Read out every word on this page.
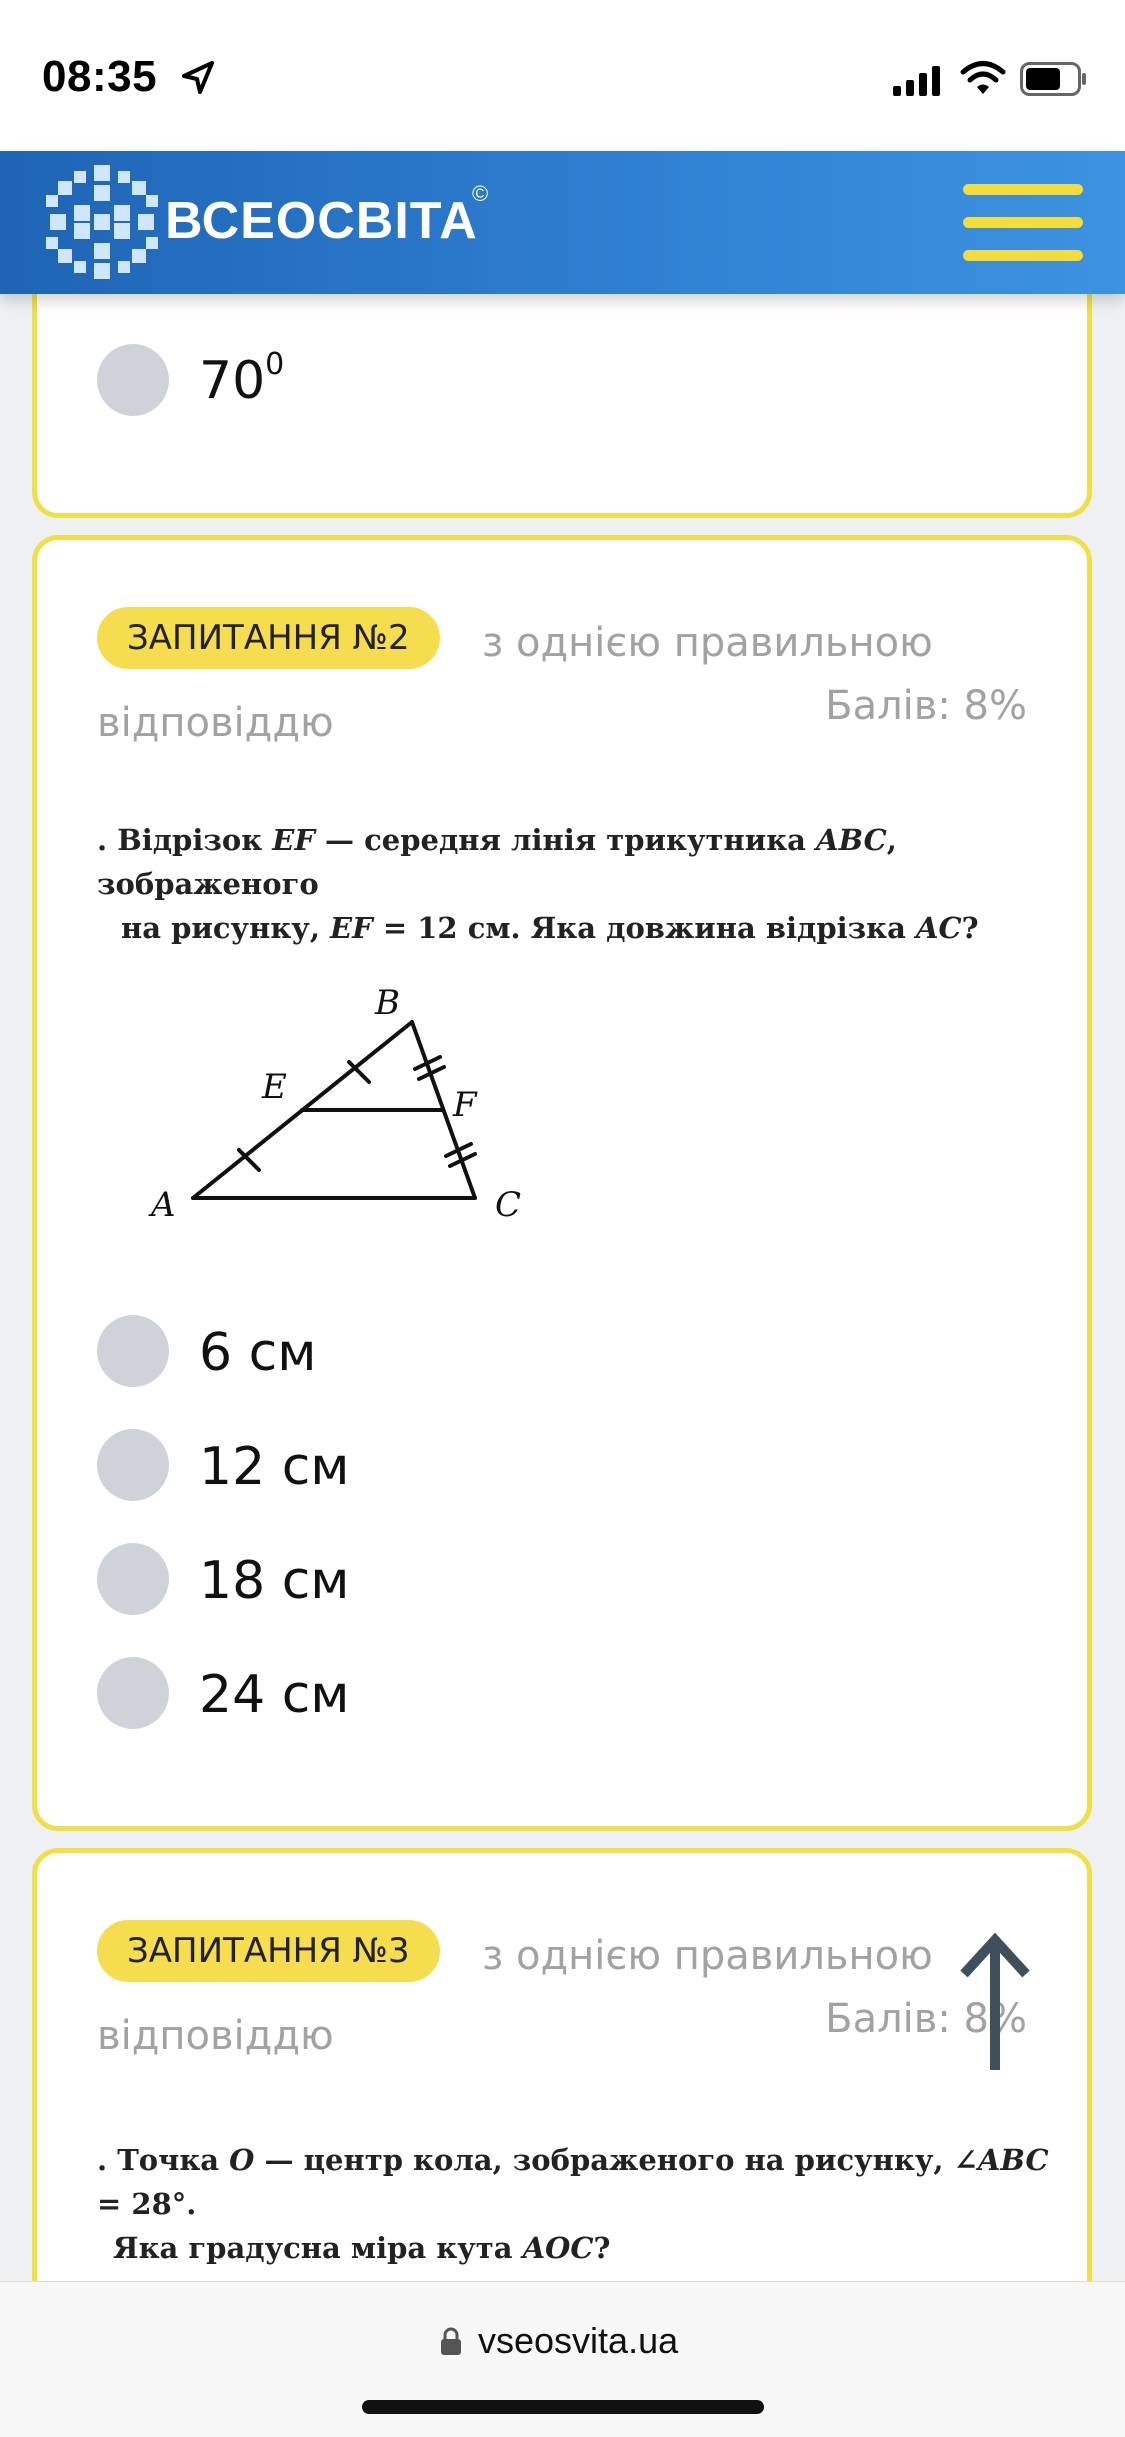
08:35
$70^0$
ЗАПИТАННЯ №2	з однією правильною
відповіддю	Балів: 8%
. Відрізок EF — середня лінія трикутника ABC, зображеного
на рисунку, EF = 12 см. Яка довжина відрізка AC?
B
E	F
A	C
6 см
12 см
18 см
24 см
ЗАПИТАННЯ №3	з однією правильною
відповіддю	Балів: 8%
. Точка O — центр кола, зображеного на рисунку, ∠ABC = 28°.
Яка градусна міра кута AOC?
ВСЕОСВІТА
©
vseosvita.ua
